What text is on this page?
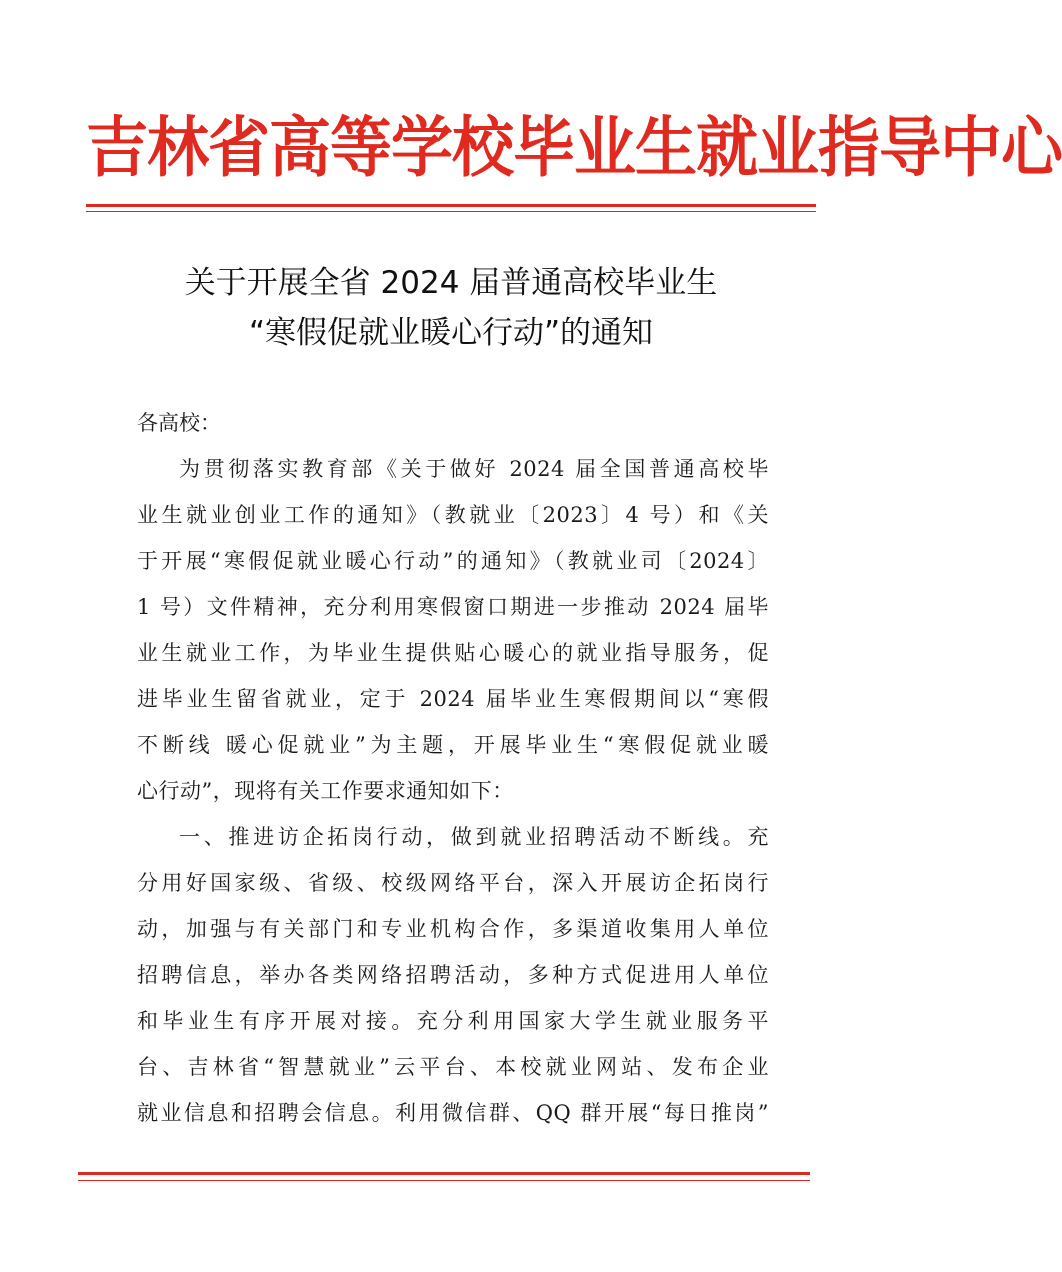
吉林省高等学校毕业生就业指导中心
关于开展全省 2024 届普通高校毕业生
“寒假促就业暖心行动”的通知
各高校：
为贯彻落实教育部《关于做好 2024 届全国普通高校毕
业生就业创业工作的通知》（教就业〔2023〕4 号）和《关
于开展“寒假促就业暖心行动”的通知》（教就业司〔2024〕
1 号）文件精神，充分利用寒假窗口期进一步推动 2024 届毕
业生就业工作，为毕业生提供贴心暖心的就业指导服务，促
进毕业生留省就业，定于 2024 届毕业生寒假期间以“寒假
不断线 暖心促就业”为主题，开展毕业生“寒假促就业暖
心行动”，现将有关工作要求通知如下：
一、推进访企拓岗行动，做到就业招聘活动不断线。充
分用好国家级、省级、校级网络平台，深入开展访企拓岗行
动，加强与有关部门和专业机构合作，多渠道收集用人单位
招聘信息，举办各类网络招聘活动，多种方式促进用人单位
和毕业生有序开展对接。充分利用国家大学生就业服务平
台、吉林省“智慧就业”云平台、本校就业网站、发布企业
就业信息和招聘会信息。利用微信群、QQ 群开展“每日推岗”
